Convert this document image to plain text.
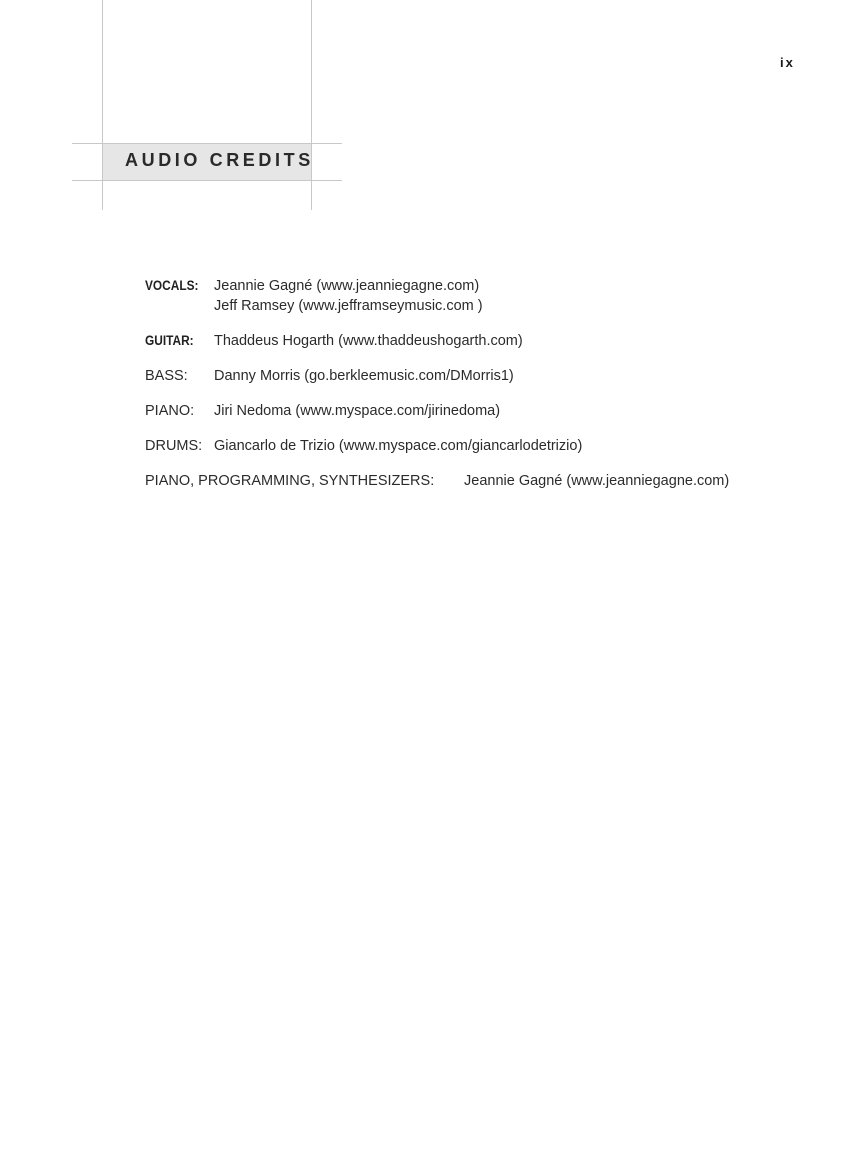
ix
AUDIO CREDITS
VOCALS:	Jeannie Gagné (www.jeanniegagne.com)
Jeff Ramsey (www.jefframseymusic.com )
GUITAR:	Thaddeus Hogarth (www.thaddeushogarth.com)
BASS:	Danny Morris (go.berkleemusic.com/DMorris1)
PIANO:	Jiri Nedoma (www.myspace.com/jirinedoma)
DRUMS: Giancarlo de Trizio (www.myspace.com/giancarlodetrizio)
PIANO, PROGRAMMING, SYNTHESIZERS:	Jeannie Gagné (www.jeanniegagne.com)
